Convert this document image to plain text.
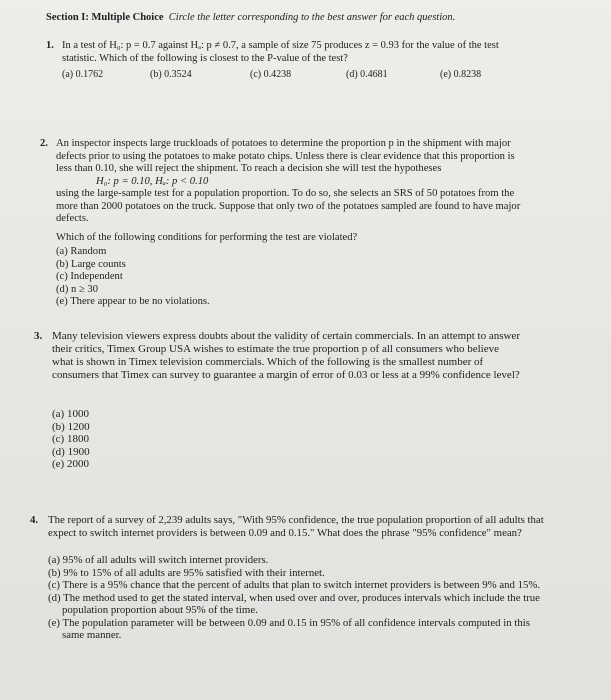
Section I: Multiple Choice Circle the letter corresponding to the best answer for each question.
1. In a test of H₀: p = 0.7 against Hₐ: p ≠ 0.7, a sample of size 75 produces z = 0.93 for the value of the test
statistic. Which of the following is closest to the P-value of the test?
(a) 0.1762	(b) 0.3524	(c) 0.4238	(d) 0.4681	(e) 0.8238
2. An inspector inspects large truckloads of potatoes to determine the proportion p in the shipment with major
defects prior to using the potatoes to make potato chips. Unless there is clear evidence that this proportion is
less than 0.10, she will reject the shipment. To reach a decision she will test the hypotheses
H₀: p = 0.10, Hₐ: p < 0.10
using the large-sample test for a population proportion. To do so, she selects an SRS of 50 potatoes from the
more than 2000 potatoes on the truck. Suppose that only two of the potatoes sampled are found to have major
defects.
Which of the following conditions for performing the test are violated?
(a) Random
(b) Large counts
(c) Independent
(d) n ≥ 30
(e) There appear to be no violations.
3. Many television viewers express doubts about the validity of certain commercials. In an attempt to answer
their critics, Timex Group USA wishes to estimate the true proportion p of all consumers who believe
what is shown in Timex television commercials. Which of the following is the smallest number of
consumers that Timex can survey to guarantee a margin of error of 0.03 or less at a 99% confidence level?
(a) 1000
(b) 1200
(c) 1800
(d) 1900
(e) 2000
4. The report of a survey of 2,239 adults says, "With 95% confidence, the true population proportion of all adults that
expect to switch internet providers is between 0.09 and 0.15." What does the phrase "95% confidence" mean?
(a) 95% of all adults will switch internet providers.
(b) 9% to 15% of all adults are 95% satisfied with their internet.
(c) There is a 95% chance that the percent of adults that plan to switch internet providers is between 9% and 15%.
(d) The method used to get the stated interval, when used over and over, produces intervals which include the true
population proportion about 95% of the time.
(e) The population parameter will be between 0.09 and 0.15 in 95% of all confidence intervals computed in this
same manner.
